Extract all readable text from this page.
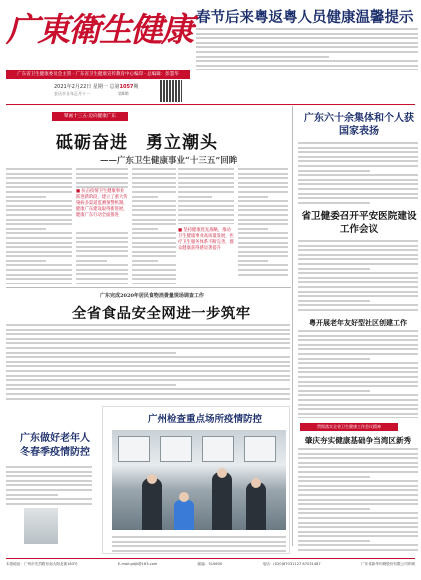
广東衛生健康 春节后来粤返粤人员健康温馨提示
广东省卫生健康委员会主管 · 广东省卫生健康宣传教育中心编印 · 总编辑：彭慧华
2021年2月22日 星期一 总第1057期
农历辛丑年正月十一	第8期
擘画十三五·迈向健康广东
砥砺奋进　勇立潮头
——广东卫生健康事业“十三五”回眸
■ 抗击疫情卫生健康事业跃进新阶段，建立了重大传染病多渠道监测预警机制，健康广东建设取得新进展，健康广东行动全面推进
■ 坚持健康优先战略，推动卫生健康事业高质量发展，医疗卫生服务体系不断完善，群众健康获得感显著提升
广东六十余集体和个人获国家表扬
省卫健委召开平安医院建设工作会议
粤开展老年友好型社区创建工作
贯彻落实全省卫生健康工作会议精神
肇庆夯实健康基础争当湾区新秀
广东完成2020年居民食物消费量规场调查工作
全省食品安全网进一步筑牢
广东做好老年人冬春季疫情防控
广州检查重点场所疫情防控
本报地址：广州市先烈路东南大街北街183号	E-mail:gdjk@163.com	邮编：510600	电话：(020)87031127 87031487	广东省新华印刷股份有限公司印刷
